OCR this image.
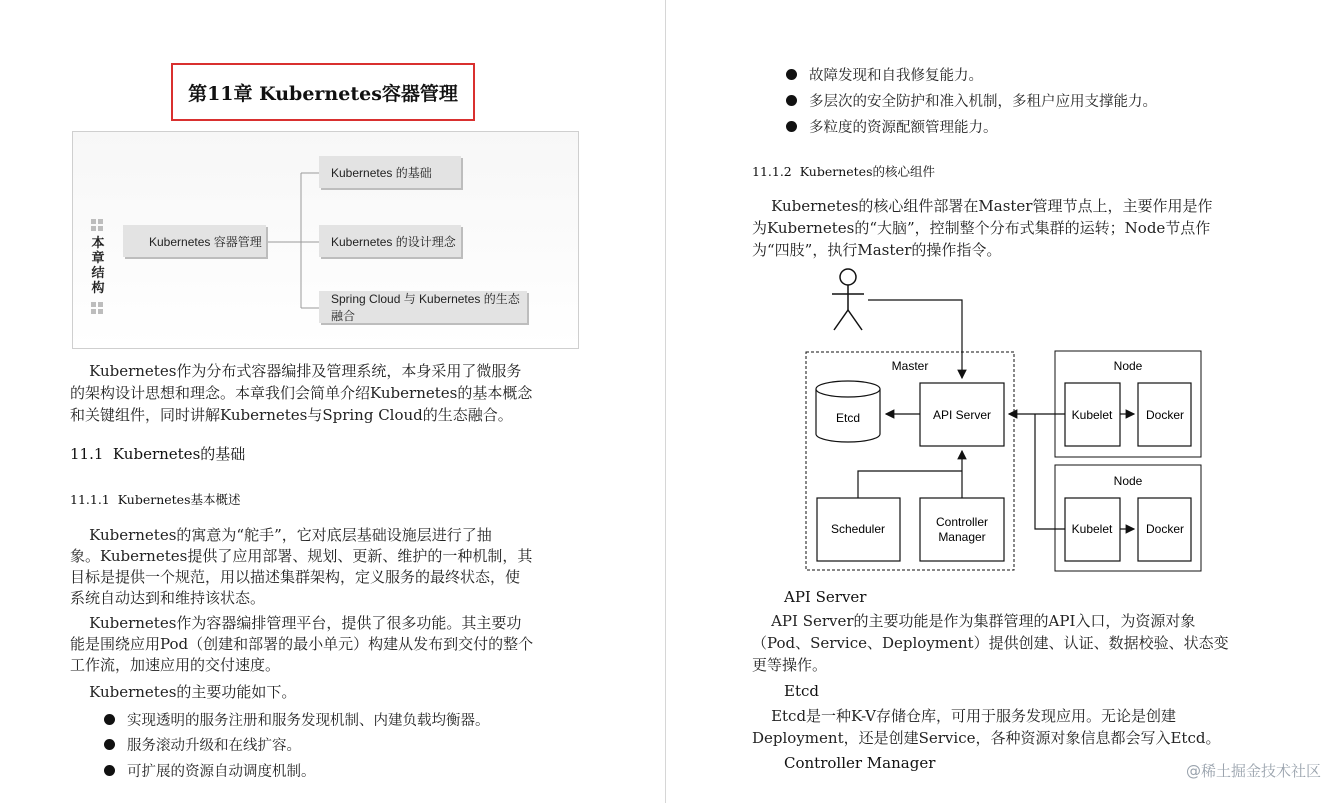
第11章 Kubernetes容器管理
本章结构
Kubernetes 容器管理
Kubernetes 的基础
Kubernetes 的设计理念
Spring Cloud 与 Kubernetes 的生态融合

Kubernetes作为分布式容器编排及管理系统，本身采用了微服务

的架构设计思想和理念。本章我们会简单介绍Kubernetes的基本概念

和关键组件，同时讲解Kubernetes与Spring Cloud的生态融合。

11.1  Kubernetes的基础
11.1.1  Kubernetes基本概述

Kubernetes的寓意为“舵手”，它对底层基础设施层进行了抽

象。Kubernetes提供了应用部署、规划、更新、维护的一种机制，其

目标是提供一个规范，用以描述集群架构，定义服务的最终状态，使

系统自动达到和维持该状态。

Kubernetes作为容器编排管理平台，提供了很多功能。其主要功

能是围绕应用Pod（创建和部署的最小单元）构建从发布到交付的整个

工作流，加速应用的交付速度。

Kubernetes的主要功能如下。

实现透明的服务注册和服务发现机制、内建负载均衡器。
服务滚动升级和在线扩容。
可扩展的资源自动调度机制。
故障发现和自我修复能力。
多层次的安全防护和准入机制，多租户应用支撑能力。
多粒度的资源配额管理能力。
11.1.2  Kubernetes的核心组件

Kubernetes的核心组件部署在Master管理节点上，主要作用是作

为Kubernetes的“大脑”，控制整个分布式集群的运转；Node节点作

为“四肢”，执行Master的操作指令。

Master
Etcd	API Server
Scheduler	Controller
Manager
Node
Kubelet	Docker
Node
Kubelet	Docker
API Server

API Server的主要功能是作为集群管理的API入口，为资源对象

（Pod、Service、Deployment）提供创建、认证、数据校验、状态变

更等操作。

Etcd

Etcd是一种K-V存储仓库，可用于服务发现应用。无论是创建

Deployment，还是创建Service，各种资源对象信息都会写入Etcd。

Controller Manager	@稀土掘金技术社区
